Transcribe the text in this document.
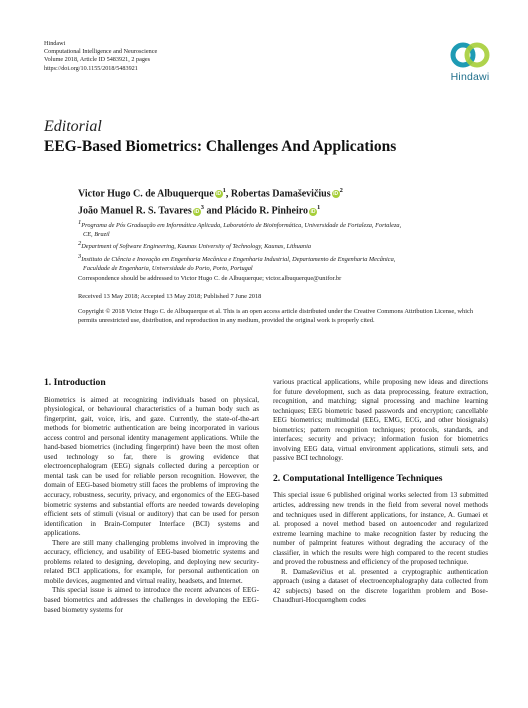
Hindawi
Computational Intelligence and Neuroscience
Volume 2018, Article ID 5483921, 2 pages
https://doi.org/10.1155/2018/5483921
Hindawi
Editorial
EEG-Based Biometrics: Challenges And Applications
Victor Hugo C. de Albuquerque $iD^1$, Robertas Damaševičius $iD^2$
João Manuel R. S. Tavares $iD^3$ and Plácido R. Pinheiro $iD^1$
$^1$Programa de Pós Graduação em Informática Aplicada, Laboratório de Bioinformática, Universidade de Fortaleza, Fortaleza,
CE, Brazil
$^2$Department of Software Engineering, Kaunas University of Technology, Kaunas, Lithuania
$^3$Instituto de Ciência e Inovação em Engenharia Mecânica e Engenharia Industrial, Departamento de Engenharia Mecânica,
Faculdade de Engenharia, Universidade do Porto, Porto, Portugal
Correspondence should be addressed to Victor Hugo C. de Albuquerque; victor.albuquerque@unifor.br
Received 13 May 2018; Accepted 13 May 2018; Published 7 June 2018
Copyright © 2018 Victor Hugo C. de Albuquerque et al. This is an open access article distributed under the Creative Commons Attribution License, which permits unrestricted use, distribution, and reproduction in any medium, provided the original work is properly cited.
1. Introduction

Biometrics is aimed at recognizing individuals based on physical, physiological, or behavioural characteristics of a human body such as fingerprint, gait, voice, iris, and gaze. Currently, the state-of-the-art methods for biometric authentication are being incorporated in various access control and personal identity management applications. While the hand-based biometrics (including fingerprint) have been the most often used technology so far, there is growing evidence that electroencephalogram (EEG) signals collected during a perception or mental task can be used for reliable person recognition. However, the domain of EEG-based biometry still faces the problems of improving the accuracy, robustness, security, privacy, and ergonomics of the EEG-based biometric systems and substantial efforts are needed towards developing efficient sets of stimuli (visual or auditory) that can be used for person identification in Brain-Computer Interface (BCI) systems and applications.

There are still many challenging problems involved in improving the accuracy, efficiency, and usability of EEG-based biometric systems and problems related to designing, developing, and deploying new security-related BCI applications, for example, for personal authentication on mobile devices, augmented and virtual reality, headsets, and Internet.

This special issue is aimed to introduce the recent advances of EEG-based biometrics and addresses the challenges in developing the EEG-based biometry systems for

various practical applications, while proposing new ideas and directions for future development, such as data preprocessing, feature extraction, recognition, and matching; signal processing and machine learning techniques; EEG biometric based passwords and encryption; cancellable EEG biometrics; multimodal (EEG, EMG, ECG, and other biosignals) biometrics; pattern recognition techniques; protocols, standards, and interfaces; security and privacy; information fusion for biometrics involving EEG data, virtual environment applications, stimuli sets, and passive BCI technology.

2. Computational Intelligence Techniques

This special issue 6 published original works selected from 13 submitted articles, addressing new trends in the field from several novel methods and techniques used in different applications, for instance, A. Gumaei et al. proposed a novel method based on autoencoder and regularized extreme learning machine to make recognition faster by reducing the number of palmprint features without degrading the accuracy of the classifier, in which the results were high compared to the recent studies and proved the robustness and efficiency of the proposed technique.

R. Damaševičius et al. presented a cryptographic authentication approach (using a dataset of electroencephalography data collected from 42 subjects) based on the discrete logarithm problem and Bose-Chaudhuri-Hocquenghem codes
